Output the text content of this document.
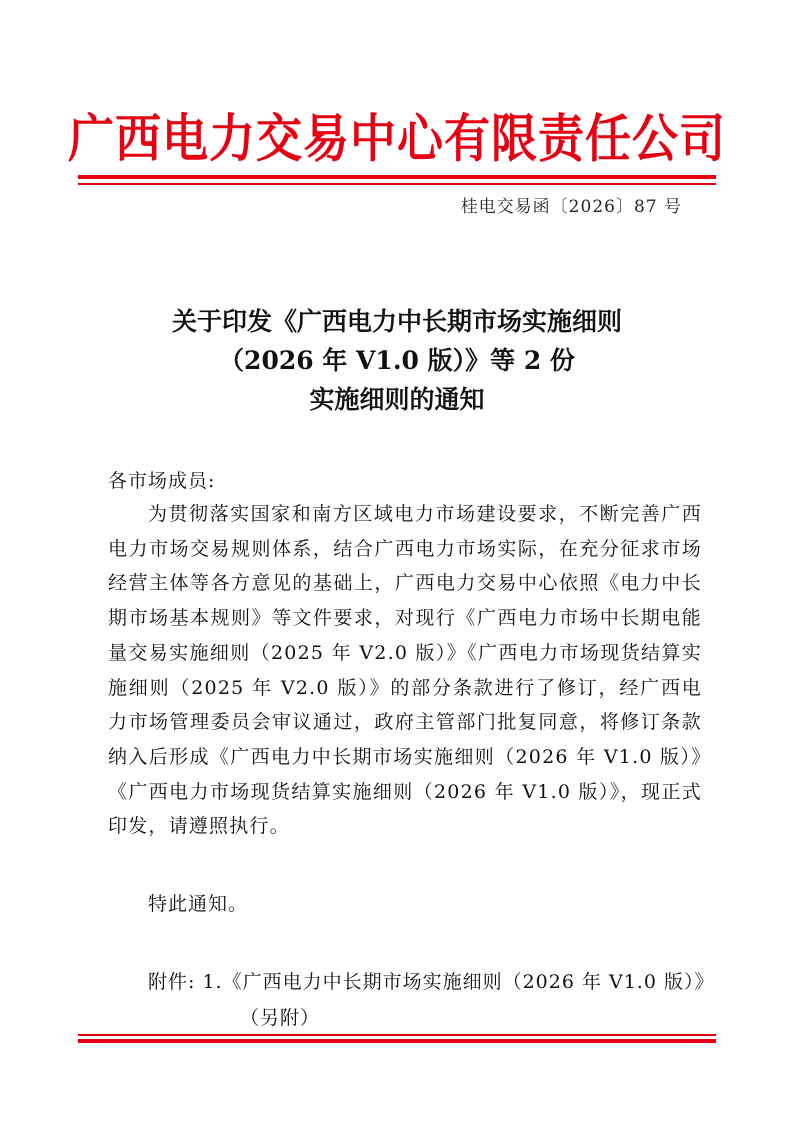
广西电力交易中心有限责任公司
桂电交易函〔2026〕87 号
关于印发《广西电力中长期市场实施细则
（2026 年 V1.0 版）》等 2 份
实施细则的通知
各市场成员:
为贯彻落实国家和南方区域电力市场建设要求，不断完善广西电力市场交易规则体系，结合广西电力市场实际，在充分征求市场经营主体等各方意见的基础上，广西电力交易中心依照《电力中长期市场基本规则》等文件要求，对现行《广西电力市场中长期电能量交易实施细则（2025 年 V2.0 版）》《广西电力市场现货结算实施细则（2025 年 V2.0 版）》的部分条款进行了修订，经广西电力市场管理委员会审议通过，政府主管部门批复同意，将修订条款纳入后形成《广西电力中长期市场实施细则（2026 年 V1.0 版）》《广西电力市场现货结算实施细则（2026 年 V1.0 版）》，现正式印发，请遵照执行。
特此通知。
附件: 1.《广西电力中长期市场实施细则（2026 年 V1.0 版）》
（另附）
